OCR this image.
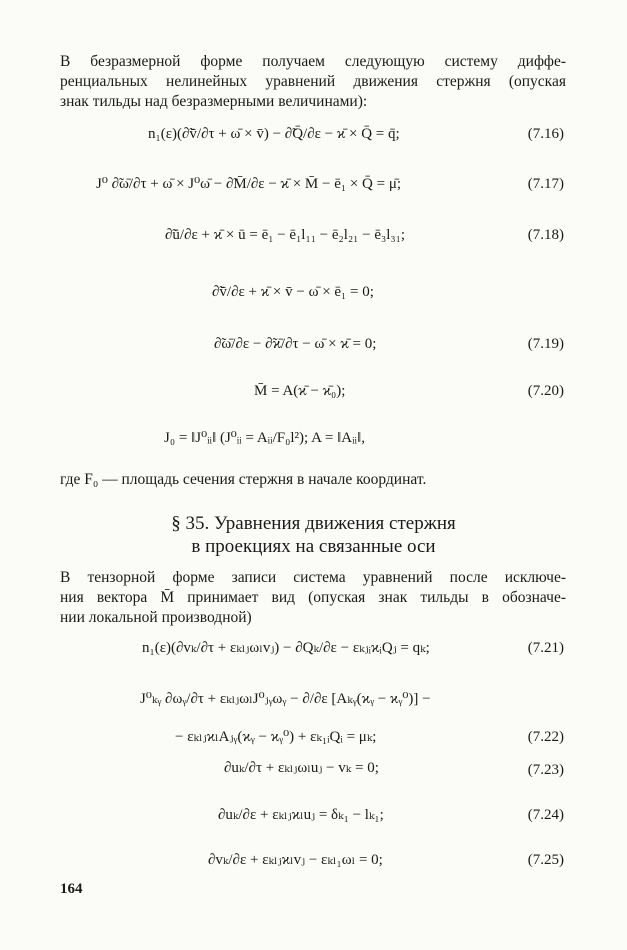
В безразмерной форме получаем следующую систему диффе-
ренциальных нелинейных уравнений движения стержня (опуская
знак тильды над безразмерными величинами):
n₁(ε)(∂̃v̄/∂τ + ω̄ × v̄) − ∂̃Q̄/∂ε − ϰ̄ × Q̄ = q̄;	(7.16)
J⁰ ∂̃ω̄/∂τ + ω̄ × J⁰ω̄ − ∂̃M̄/∂ε − ϰ̄ × M̄ − ē₁ × Q̄ = μ̄;	(7.17)
∂̃ū/∂ε + ϰ̄ × ū = ē₁ − ē₁l₁₁ − ē₂l₂₁ − ē₃l₃₁;	(7.18)
∂̃v̄/∂ε + ϰ̄ × v̄ − ω̄ × ē₁ = 0;
∂̃ω̄/∂ε − ∂̃ϰ̄/∂τ − ω̄ × ϰ̄ = 0;	(7.19)
M̄ = A(ϰ̄ − ϰ̄₀);	(7.20)
J₀ = ‖J⁰ᵢᵢ‖ (J⁰ᵢᵢ = Aᵢᵢ/F₀l²); A = ‖Aᵢᵢ‖,
где F₀ — площадь сечения стержня в начале координат.
§ 35. Уравнения движения стержня
в проекциях на связанные оси
В тензорной форме записи система уравнений после исключе-
ния вектора M̄ принимает вид (опуская знак тильды в обозначе-
нии локальной производной)
n₁(ε)(∂vₖ/∂τ + εₖₗⱼωₗvⱼ) − ∂Qₖ/∂ε − εₖⱼᵢϰᵢQⱼ = qₖ;	(7.21)
J⁰ₖᵧ ∂ωᵧ/∂τ + εₖₗⱼωₗJ⁰ⱼᵧωᵧ − ∂/∂ε [Aₖᵧ(ϰᵧ − ϰᵧ⁰)] −
− εₖₗⱼϰₗAⱼᵧ(ϰᵧ − ϰᵧ⁰) + εₖ₁ᵢQᵢ = μₖ;	(7.22)
∂uₖ/∂τ + εₖₗⱼωₗuⱼ − vₖ = 0;	(7.23)
∂uₖ/∂ε + εₖₗⱼϰₗuⱼ = δₖ₁ − lₖ₁;	(7.24)
∂vₖ/∂ε + εₖₗⱼϰₗvⱼ − εₖₗ₁ωₗ = 0;	(7.25)
164
